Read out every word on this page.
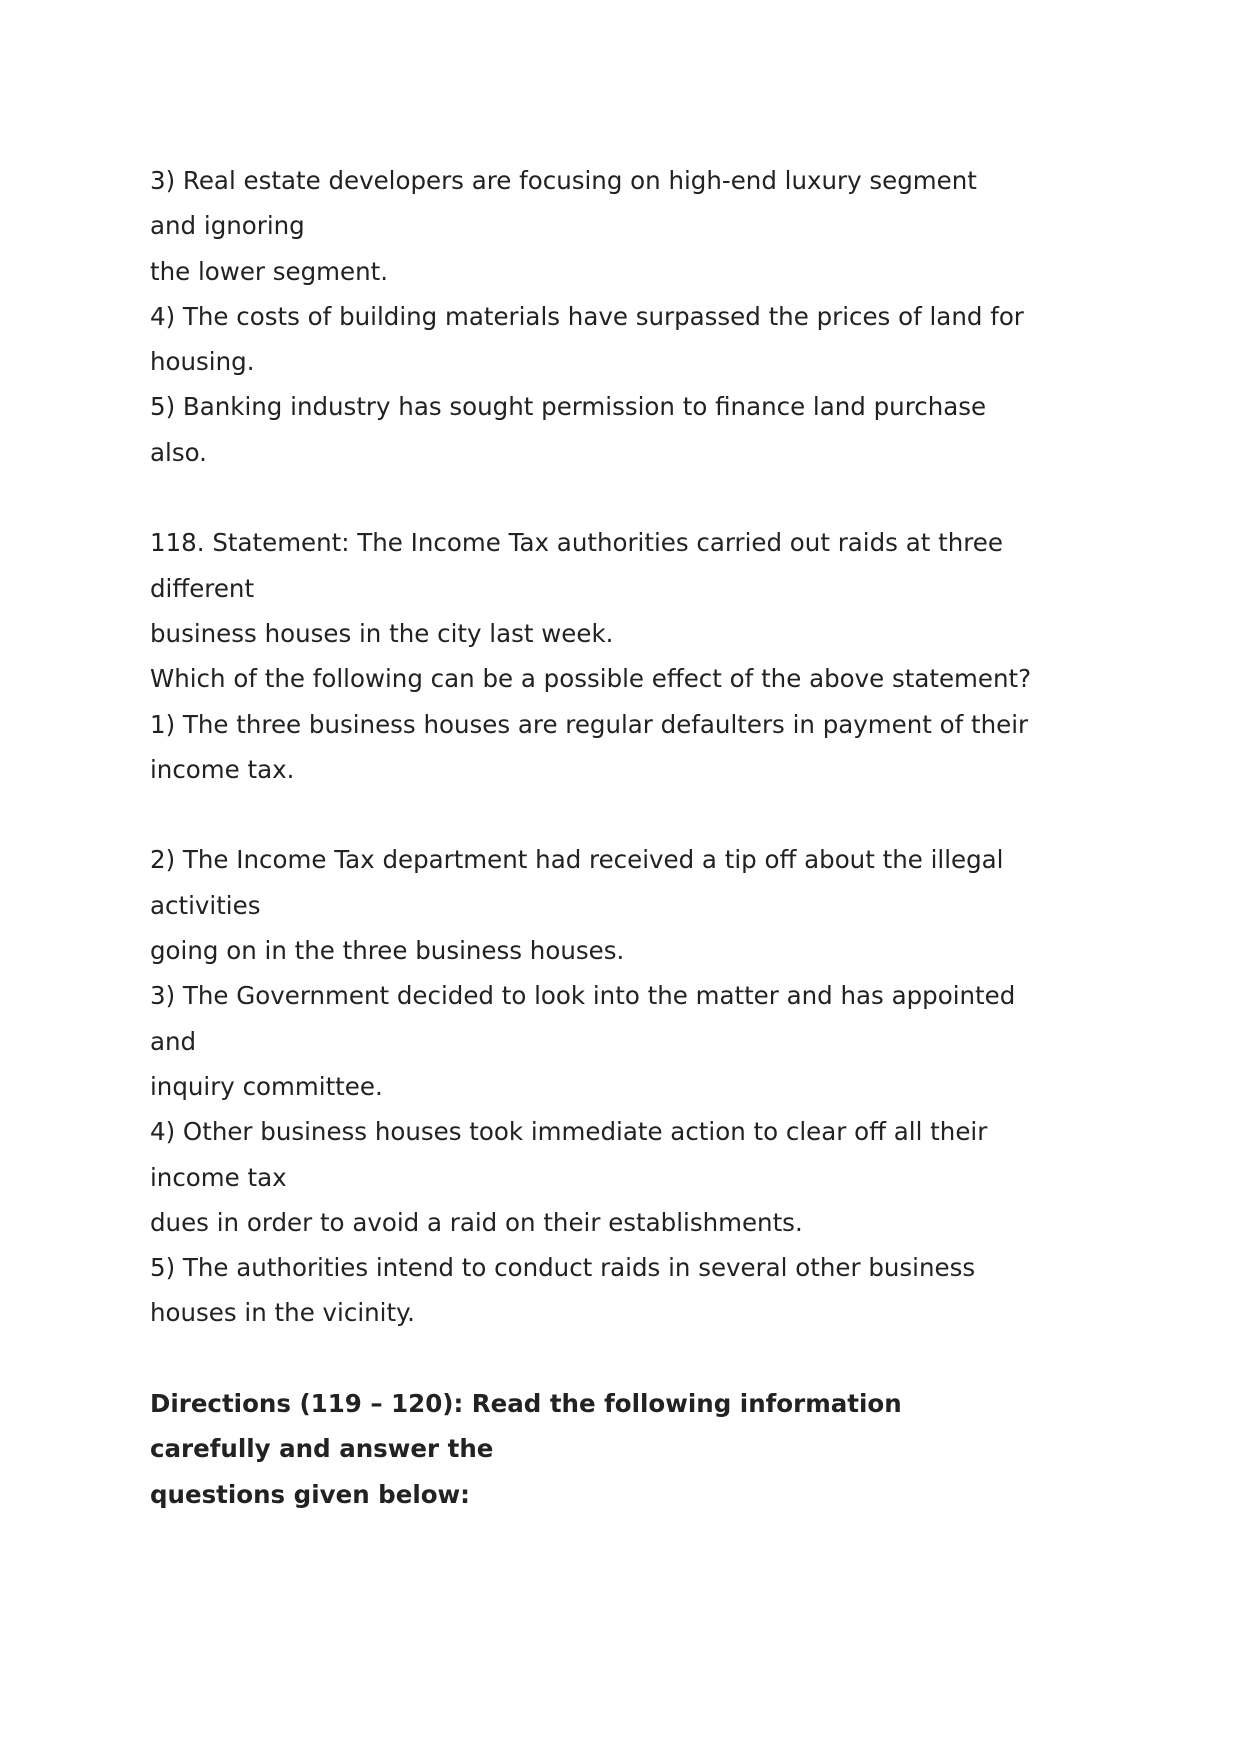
3) Real estate developers are focusing on high-end luxury segment
and ignoring
the lower segment.
4) The costs of building materials have surpassed the prices of land for
housing.
5) Banking industry has sought permission to finance land purchase
also.
118. Statement: The Income Tax authorities carried out raids at three
different
business houses in the city last week.
Which of the following can be a possible effect of the above statement?
1) The three business houses are regular defaulters in payment of their
income tax.
2) The Income Tax department had received a tip off about the illegal
activities
going on in the three business houses.
3) The Government decided to look into the matter and has appointed
and
inquiry committee.
4) Other business houses took immediate action to clear off all their
income tax
dues in order to avoid a raid on their establishments.
5) The authorities intend to conduct raids in several other business
houses in the vicinity.
Directions (119 – 120): Read the following information
carefully and answer the
questions given below:
